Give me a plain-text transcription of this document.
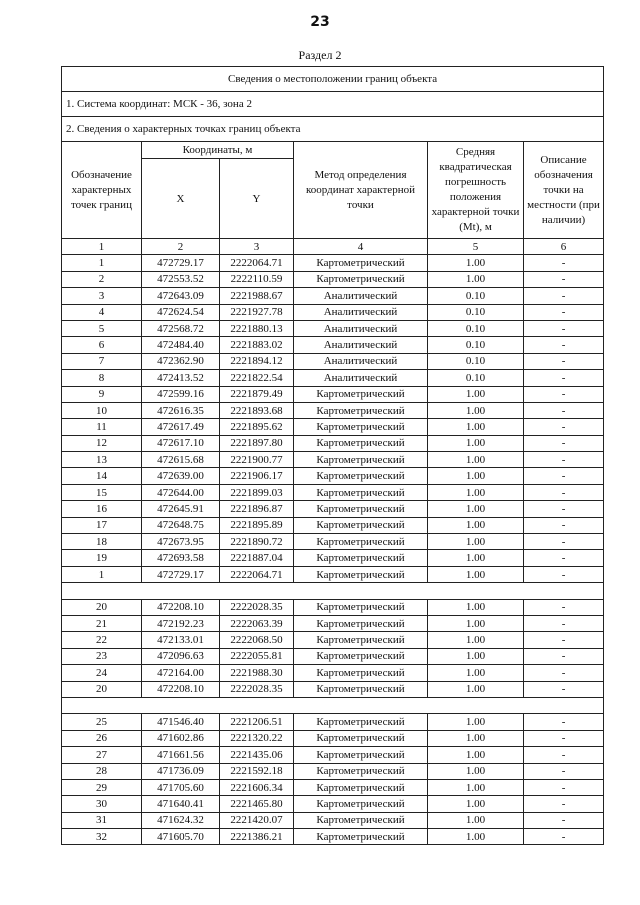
23
Раздел 2
Сведения о местоположении границ объекта					
1. Система координат: МСК - 36, зона 2					
2. Сведения о характерных точках границ объекта					
Обозначение характерных точек границ	Координаты, м		Метод определения координат характерной точки	Средняя квадратическая погрешность положения характерной точки (Mt), м	Описание обозначения точки на местности (при наличии)
	X	Y			
1	2	3	4	5	6
1	472729.17	2222064.71	Картометрический	1.00	-
2	472553.52	2222110.59	Картометрический	1.00	-
3	472643.09	2221988.67	Аналитический	0.10	-
4	472624.54	2221927.78	Аналитический	0.10	-
5	472568.72	2221880.13	Аналитический	0.10	-
6	472484.40	2221883.02	Аналитический	0.10	-
7	472362.90	2221894.12	Аналитический	0.10	-
8	472413.52	2221822.54	Аналитический	0.10	-
9	472599.16	2221879.49	Картометрический	1.00	-
10	472616.35	2221893.68	Картометрический	1.00	-
11	472617.49	2221895.62	Картометрический	1.00	-
12	472617.10	2221897.80	Картометрический	1.00	-
13	472615.68	2221900.77	Картометрический	1.00	-
14	472639.00	2221906.17	Картометрический	1.00	-
15	472644.00	2221899.03	Картометрический	1.00	-
16	472645.91	2221896.87	Картометрический	1.00	-
17	472648.75	2221895.89	Картометрический	1.00	-
18	472673.95	2221890.72	Картометрический	1.00	-
19	472693.58	2221887.04	Картометрический	1.00	-
1	472729.17	2222064.71	Картометрический	1.00	-

20	472208.10	2222028.35	Картометрический	1.00	-
21	472192.23	2222063.39	Картометрический	1.00	-
22	472133.01	2222068.50	Картометрический	1.00	-
23	472096.63	2222055.81	Картометрический	1.00	-
24	472164.00	2221988.30	Картометрический	1.00	-
20	472208.10	2222028.35	Картометрический	1.00	-

25	471546.40	2221206.51	Картометрический	1.00	-
26	471602.86	2221320.22	Картометрический	1.00	-
27	471661.56	2221435.06	Картометрический	1.00	-
28	471736.09	2221592.18	Картометрический	1.00	-
29	471705.60	2221606.34	Картометрический	1.00	-
30	471640.41	2221465.80	Картометрический	1.00	-
31	471624.32	2221420.07	Картометрический	1.00	-
32	471605.70	2221386.21	Картометрический	1.00	-
